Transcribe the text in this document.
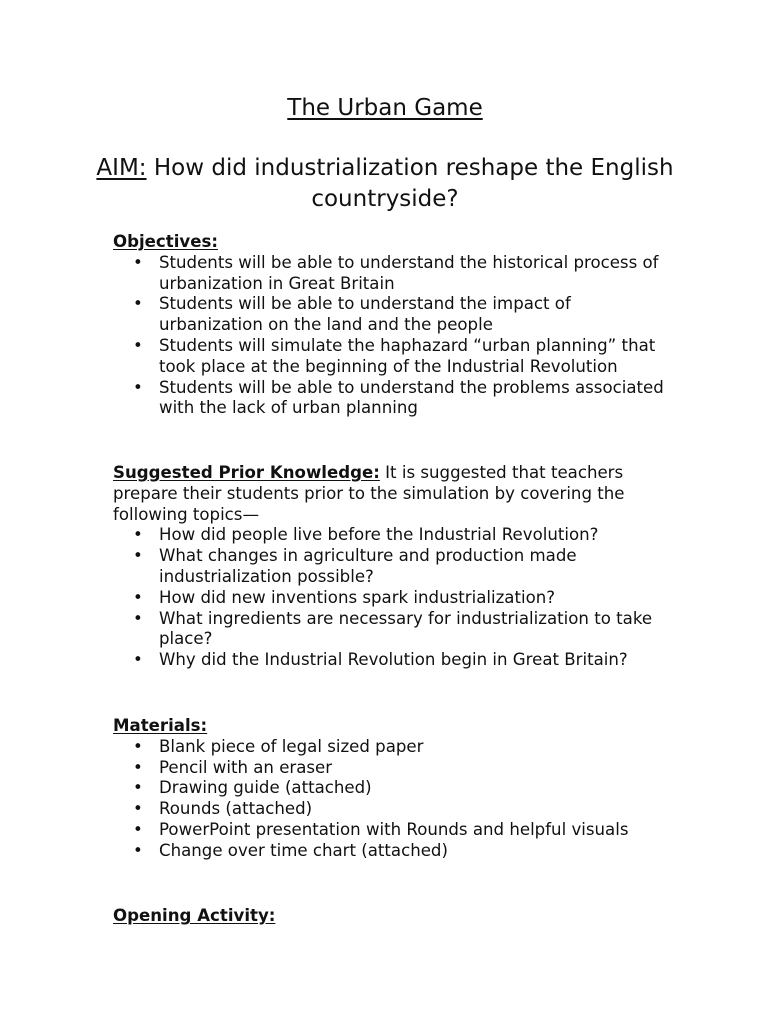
The Urban Game
AIM: How did industrialization reshape the English countryside?
Objectives:
• Students will be able to understand the historical process of urbanization in Great Britain
• Students will be able to understand the impact of urbanization on the land and the people
• Students will simulate the haphazard “urban planning” that took place at the beginning of the Industrial Revolution
• Students will be able to understand the problems associated with the lack of urban planning
Suggested Prior Knowledge: It is suggested that teachers prepare their students prior to the simulation by covering the following topics—
• How did people live before the Industrial Revolution?
• What changes in agriculture and production made industrialization possible?
• How did new inventions spark industrialization?
• What ingredients are necessary for industrialization to take place?
• Why did the Industrial Revolution begin in Great Britain?
Materials:
• Blank piece of legal sized paper
• Pencil with an eraser
• Drawing guide (attached)
• Rounds (attached)
• PowerPoint presentation with Rounds and helpful visuals
• Change over time chart (attached)
Opening Activity:
